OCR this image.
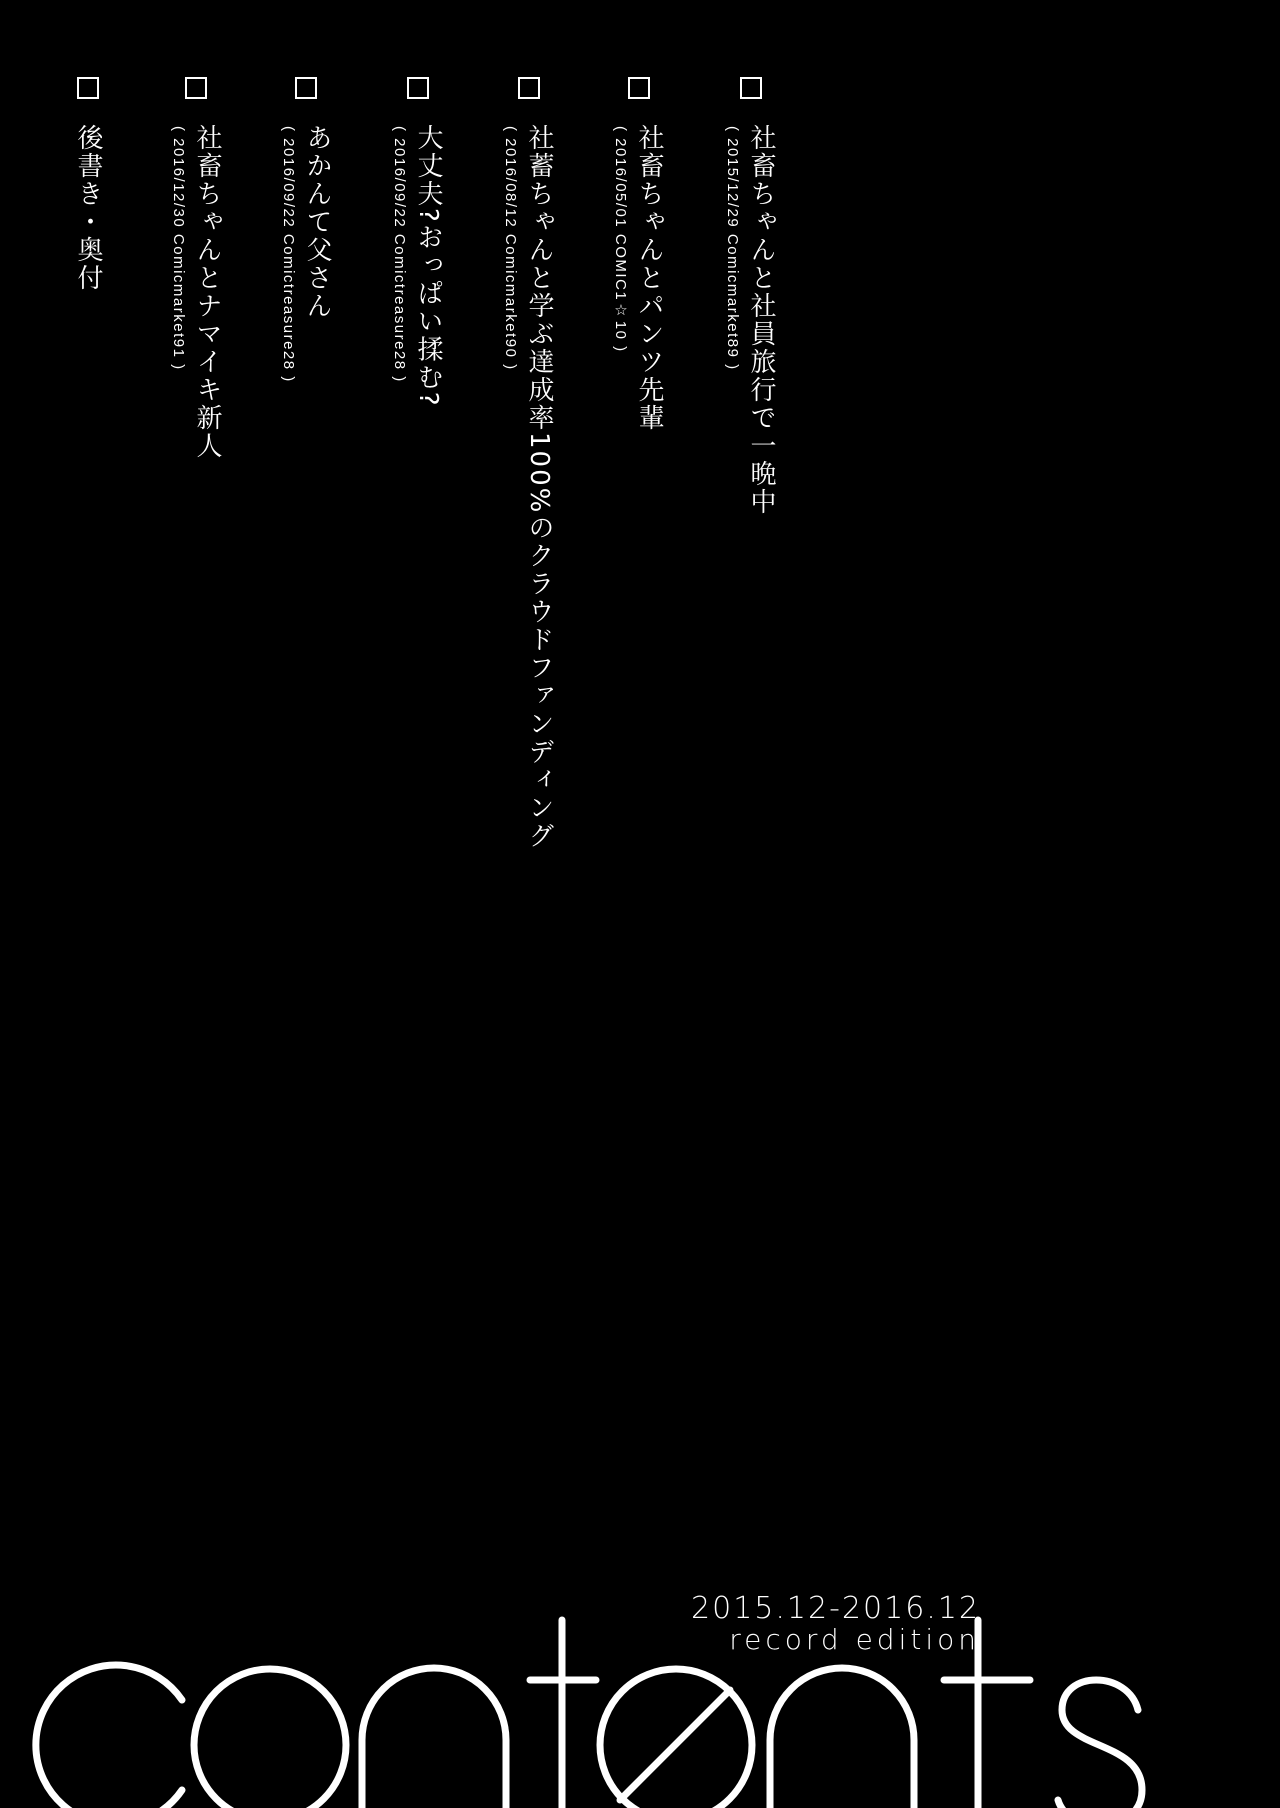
社畜ちゃんと社員旅行で一晩中
( 2015/12/29 Comicmarket89 )
社畜ちゃんとパンツ先輩
( 2016/05/01 COMIC1☆10 )
社蓄ちゃんと学ぶ達成率100%のクラウドファンディング
( 2016/08/12 Comicmarket90 )
大丈夫?おっぱい揉む?
( 2016/09/22 Comictreasure28 )
あかんて父さん
( 2016/09/22 Comictreasure28 )
社畜ちゃんとナマイキ新人
( 2016/12/30 Comicmarket91 )
後書き・奥付
2015.12-2016.12
record edition
